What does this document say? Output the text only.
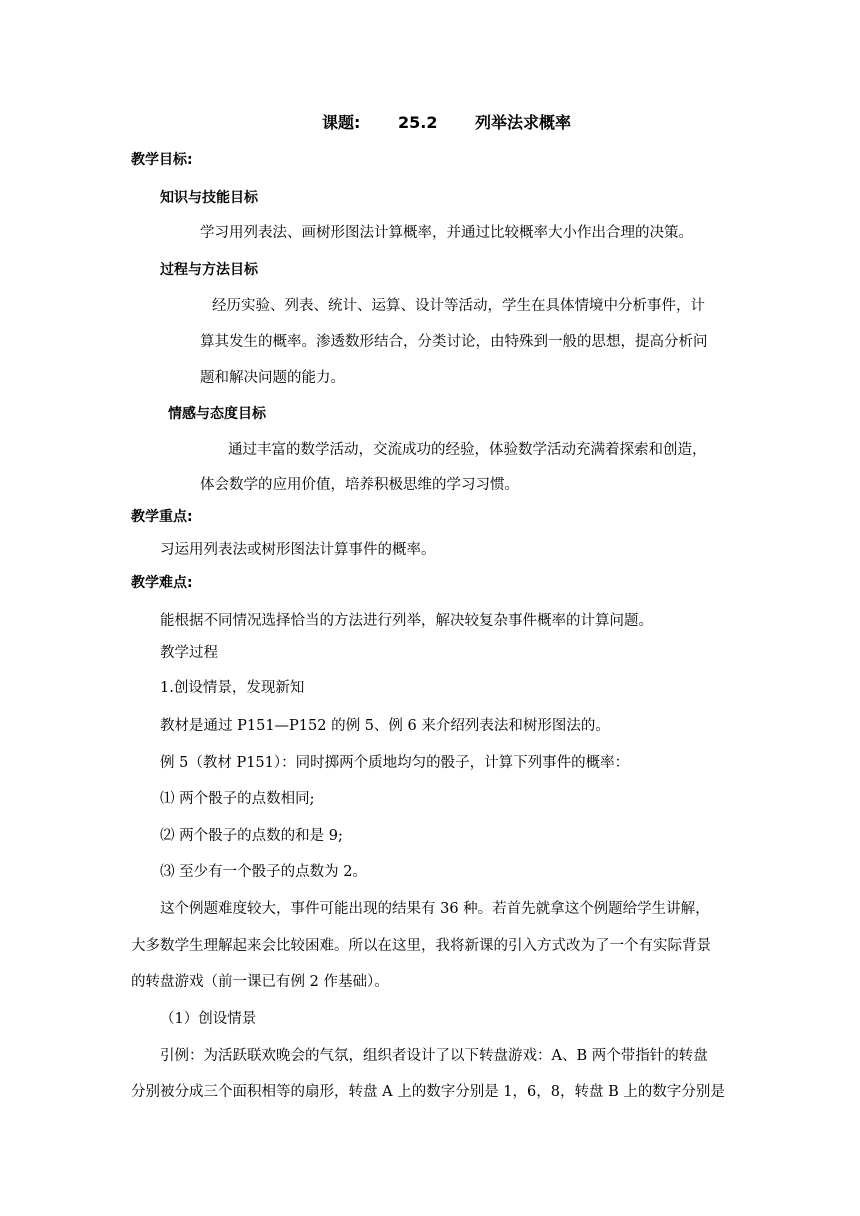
课题: 25.2 列举法求概率
教学目标:
知识与技能目标
学习用列表法、画树形图法计算概率，并通过比较概率大小作出合理的决策。
过程与方法目标
经历实验、列表、统计、运算、设计等活动，学生在具体情境中分析事件，计
算其发生的概率。渗透数形结合，分类讨论，由特殊到一般的思想，提高分析问
题和解决问题的能力。
情感与态度目标
通过丰富的数学活动，交流成功的经验，体验数学活动充满着探索和创造，
体会数学的应用价值，培养积极思维的学习习惯。
教学重点:
习运用列表法或树形图法计算事件的概率。
教学难点:
能根据不同情况选择恰当的方法进行列举，解决较复杂事件概率的计算问题。
教学过程
1.创设情景，发现新知
教材是通过 P151—P152 的例 5、例 6 来介绍列表法和树形图法的。
例 5（教材 P151）：同时掷两个质地均匀的骰子，计算下列事件的概率：
⑴ 两个骰子的点数相同;
⑵ 两个骰子的点数的和是 9;
⑶ 至少有一个骰子的点数为 2。
这个例题难度较大，事件可能出现的结果有 36 种。若首先就拿这个例题给学生讲解，
大多数学生理解起来会比较困难。所以在这里，我将新课的引入方式改为了一个有实际背景
的转盘游戏（前一课已有例 2 作基础）。
（1）创设情景
引例：为活跃联欢晚会的气氛，组织者设计了以下转盘游戏：A、B 两个带指针的转盘
分别被分成三个面积相等的扇形，转盘 A 上的数字分别是 1，6，8，转盘 B 上的数字分别是
